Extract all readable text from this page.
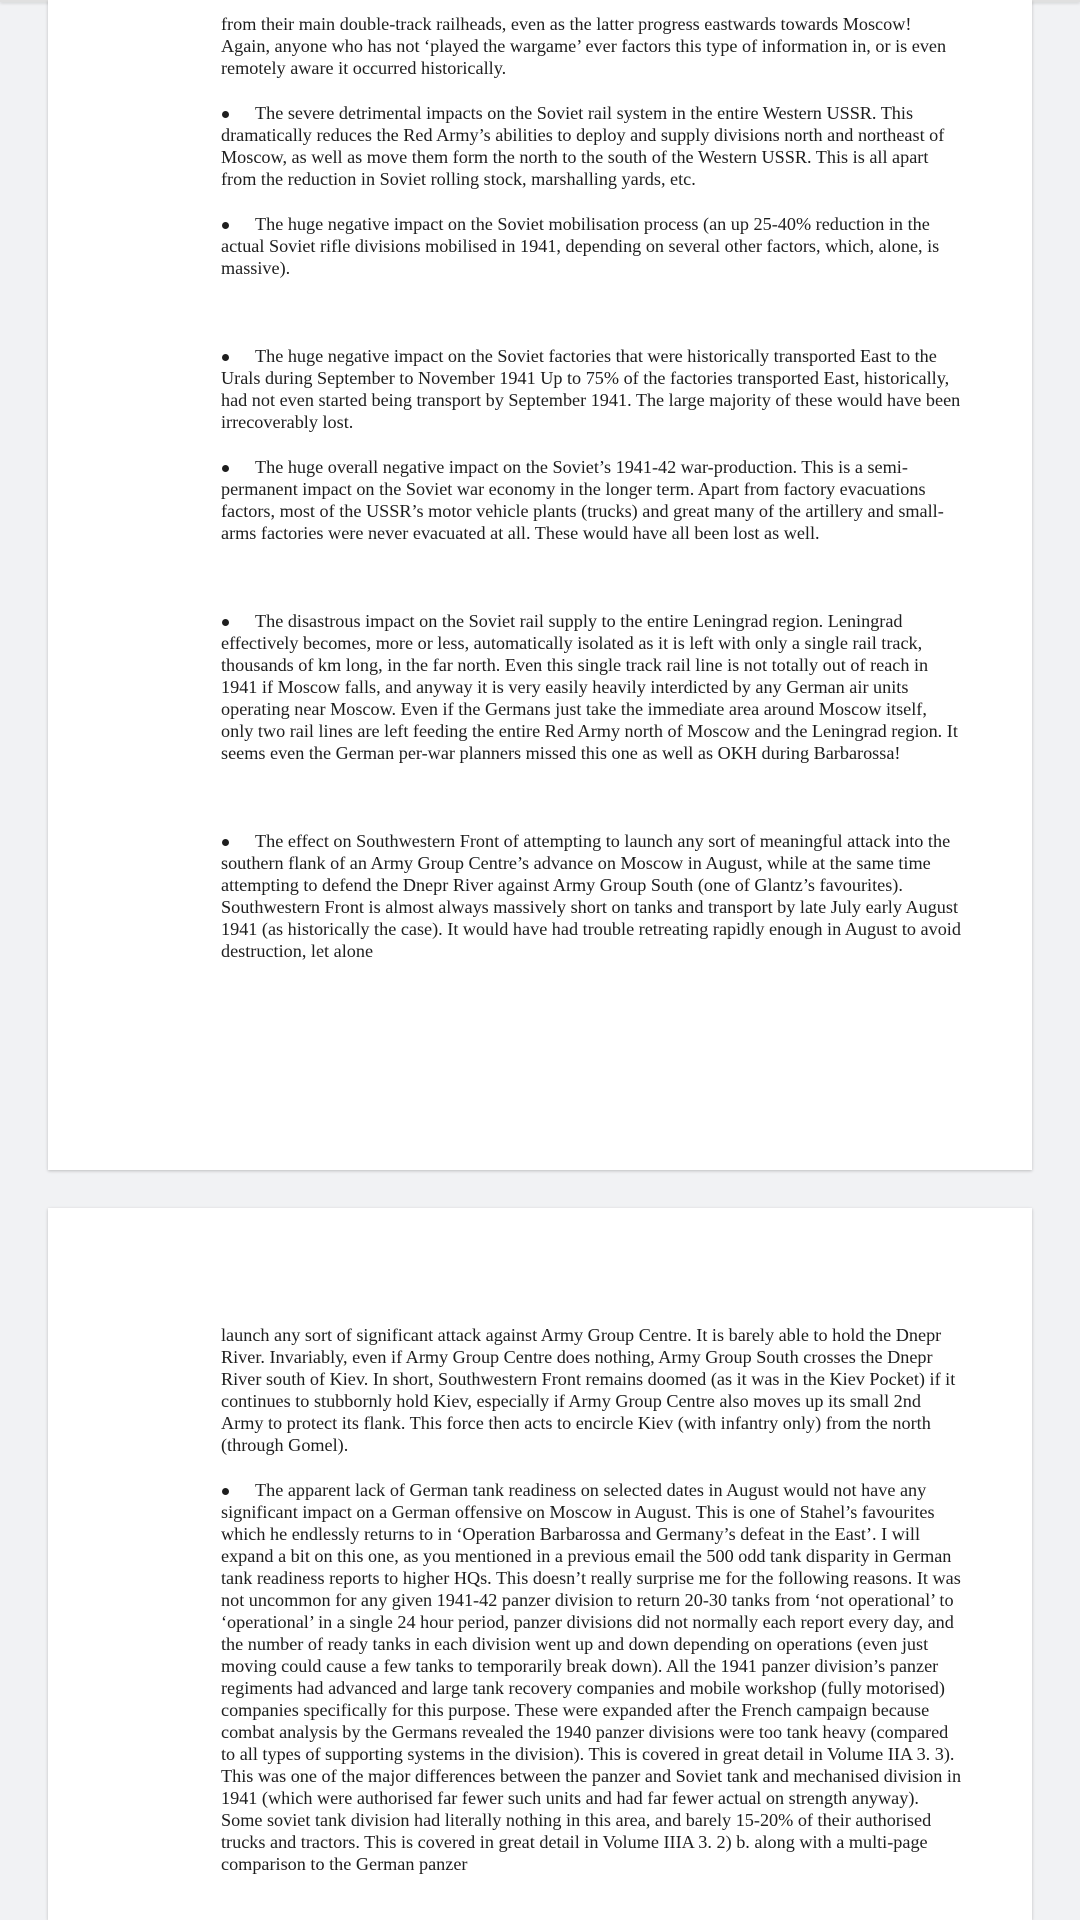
from their main double-track railheads, even as the latter progress eastwards towards Moscow! Again, anyone who has not ‘played the wargame’ ever factors this type of information in, or is even remotely aware it occurred historically.

The severe detrimental impacts on the Soviet rail system in the entire Western USSR. This dramatically reduces the Red Army’s abilities to deploy and supply divisions north and northeast of Moscow, as well as move them form the north to the south of the Western USSR. This is all apart from the reduction in Soviet rolling stock, marshalling yards, etc.

The huge negative impact on the Soviet mobilisation process (an up 25-40% reduction in the actual Soviet rifle divisions mobilised in 1941, depending on several other factors, which, alone, is massive).

The huge negative impact on the Soviet factories that were historically transported East to the Urals during September to November 1941 Up to 75% of the factories transported East, historically, had not even started being transport by September 1941. The large majority of these would have been irrecoverably lost.

The huge overall negative impact on the Soviet’s 1941-42 war-production. This is a semi-permanent impact on the Soviet war economy in the longer term. Apart from factory evacuations factors, most of the USSR’s motor vehicle plants (trucks) and great many of the artillery and small-arms factories were never evacuated at all. These would have all been lost as well.

The disastrous impact on the Soviet rail supply to the entire Leningrad region. Leningrad effectively becomes, more or less, automatically isolated as it is left with only a single rail track, thousands of km long, in the far north. Even this single track rail line is not totally out of reach in 1941 if Moscow falls, and anyway it is very easily heavily interdicted by any German air units operating near Moscow. Even if the Germans just take the immediate area around Moscow itself, only two rail lines are left feeding the entire Red Army north of Moscow and the Leningrad region. It seems even the German per-war planners missed this one as well as OKH during Barbarossa!

The effect on Southwestern Front of attempting to launch any sort of meaningful attack into the southern flank of an Army Group Centre’s advance on Moscow in August, while at the same time attempting to defend the Dnepr River against Army Group South (one of Glantz’s favourites). Southwestern Front is almost always massively short on tanks and transport by late July early August 1941 (as historically the case). It would have had trouble retreating rapidly enough in August to avoid destruction, let alone

launch any sort of significant attack against Army Group Centre. It is barely able to hold the Dnepr River. Invariably, even if Army Group Centre does nothing, Army Group South crosses the Dnepr River south of Kiev. In short, Southwestern Front remains doomed (as it was in the Kiev Pocket) if it continues to stubbornly hold Kiev, especially if Army Group Centre also moves up its small 2nd Army to protect its flank. This force then acts to encircle Kiev (with infantry only) from the north (through Gomel).

The apparent lack of German tank readiness on selected dates in August would not have any significant impact on a German offensive on Moscow in August. This is one of Stahel’s favourites which he endlessly returns to in ‘Operation Barbarossa and Germany’s defeat in the East’. I will expand a bit on this one, as you mentioned in a previous email the 500 odd tank disparity in German tank readiness reports to higher HQs. This doesn’t really surprise me for the following reasons. It was not uncommon for any given 1941-42 panzer division to return 20-30 tanks from ‘not operational’ to ‘operational’ in a single 24 hour period, panzer divisions did not normally each report every day, and the number of ready tanks in each division went up and down depending on operations (even just moving could cause a few tanks to temporarily break down). All the 1941 panzer division’s panzer regiments had advanced and large tank recovery companies and mobile workshop (fully motorised) companies specifically for this purpose. These were expanded after the French campaign because combat analysis by the Germans revealed the 1940 panzer divisions were too tank heavy (compared to all types of supporting systems in the division). This is covered in great detail in Volume IIA 3. 3). This was one of the major differences between the panzer and Soviet tank and mechanised division in 1941 (which were authorised far fewer such units and had far fewer actual on strength anyway). Some soviet tank division had literally nothing in this area, and barely 15-20% of their authorised trucks and tractors. This is covered in great detail in Volume IIIA 3. 2) b. along with a multi-page comparison to the German panzer
